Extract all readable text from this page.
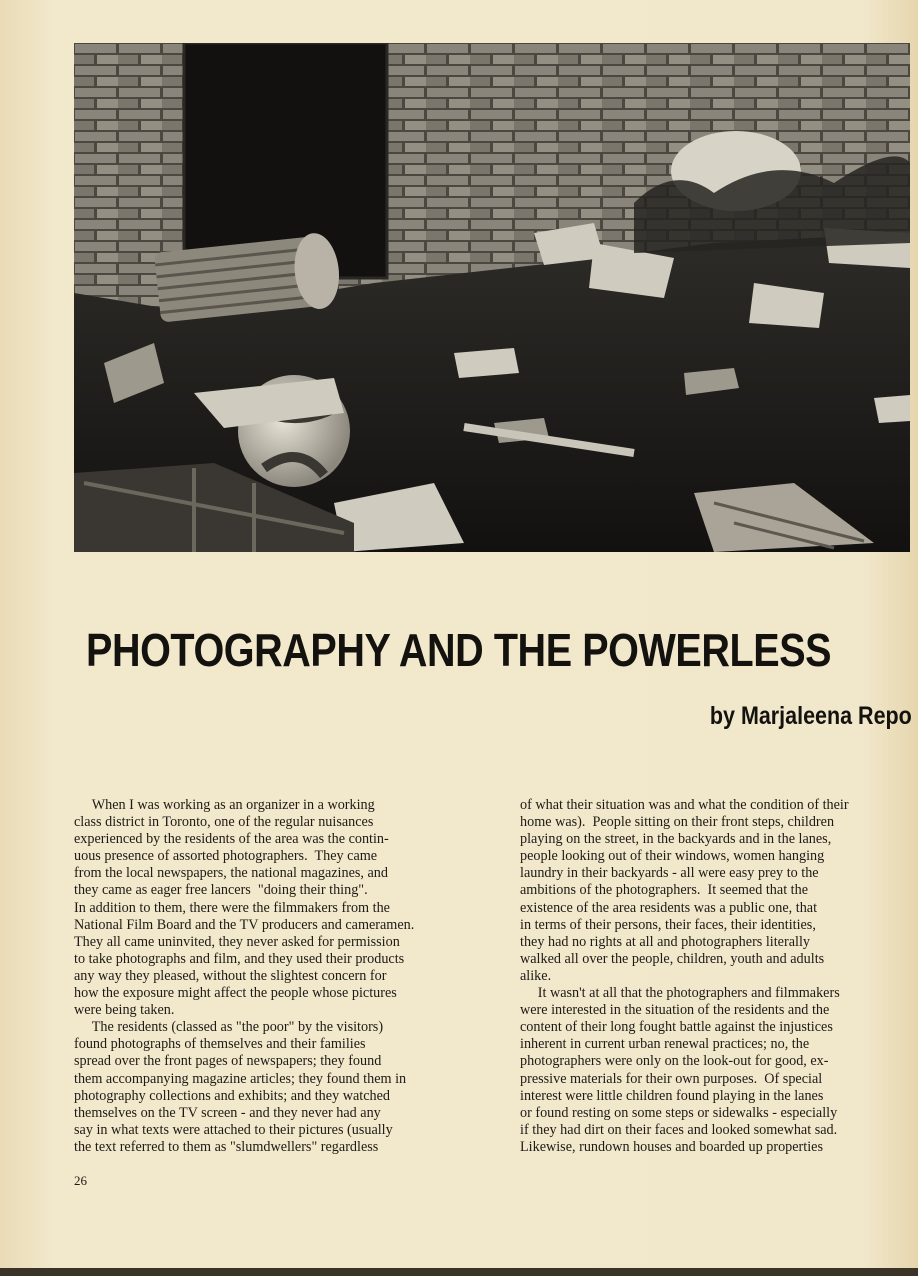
PHOTOGRAPHY AND THE POWERLESS
by Marjaleena Repo

When I was working as an organizer in a working
class district in Toronto, one of the regular nuisances
experienced by the residents of the area was the contin-
uous presence of assorted photographers.  They came
from the local newspapers, the national magazines, and
they came as eager free lancers  "doing their thing".
In addition to them, there were the filmmakers from the
National Film Board and the TV producers and cameramen.
They all came uninvited, they never asked for permission
to take photographs and film, and they used their products
any way they pleased, without the slightest concern for
how the exposure might affect the people whose pictures
were being taken.

The residents (classed as "the poor" by the visitors)
found photographs of themselves and their families
spread over the front pages of newspapers; they found
them accompanying magazine articles; they found them in
photography collections and exhibits; and they watched
themselves on the TV screen - and they never had any
say in what texts were attached to their pictures (usually
the text referred to them as "slumdwellers" regardless

of what their situation was and what the condition of their
home was).  People sitting on their front steps, children
playing on the street, in the backyards and in the lanes,
people looking out of their windows, women hanging
laundry in their backyards - all were easy prey to the
ambitions of the photographers.  It seemed that the
existence of the area residents was a public one, that
in terms of their persons, their faces, their identities,
they had no rights at all and photographers literally
walked all over the people, children, youth and adults
alike.

It wasn't at all that the photographers and filmmakers
were interested in the situation of the residents and the
content of their long fought battle against the injustices
inherent in current urban renewal practices; no, the
photographers were only on the look-out for good, ex-
pressive materials for their own purposes.  Of special
interest were little children found playing in the lanes
or found resting on some steps or sidewalks - especially
if they had dirt on their faces and looked somewhat sad.
Likewise, rundown houses and boarded up properties

26
